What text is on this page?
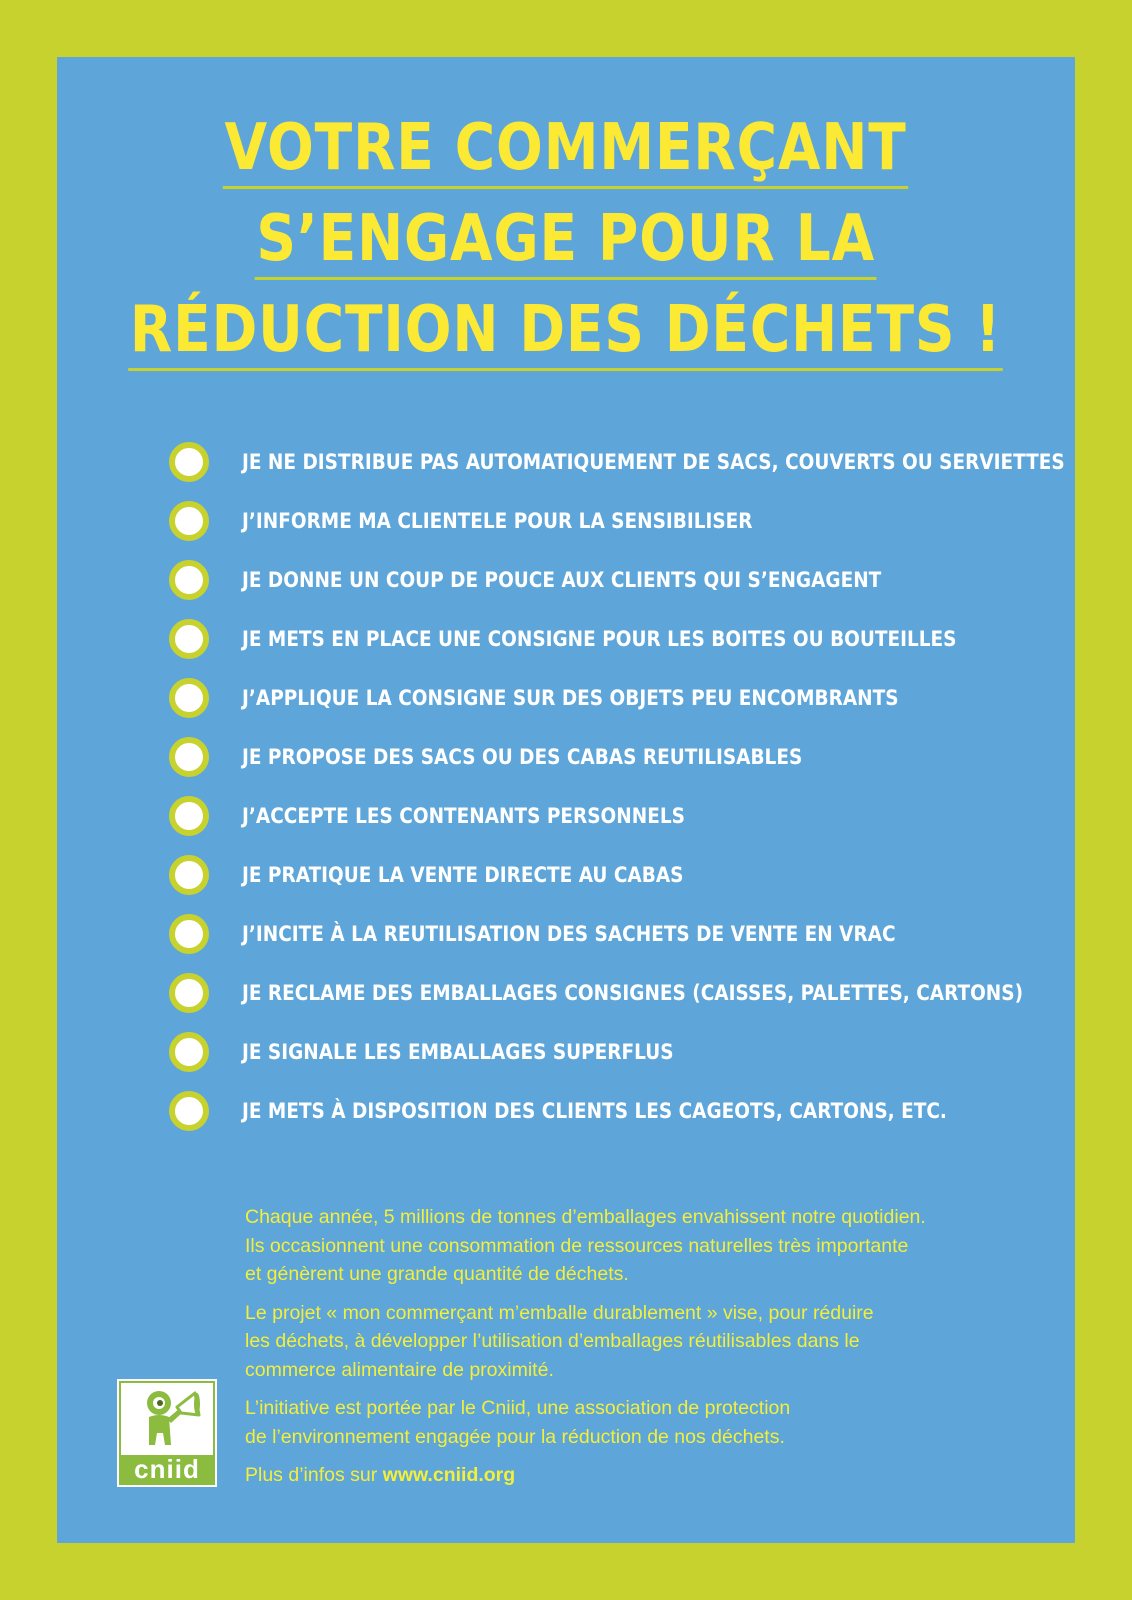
VOTRE COMMERÇANT
S’ENGAGE POUR LA
RÉDUCTION DES DÉCHETS !
JE NE DISTRIBUE PAS AUTOMATIQUEMENT DE SACS, COUVERTS OU SERVIETTES
J’INFORME MA CLIENTELE POUR LA SENSIBILISER
JE DONNE UN COUP DE POUCE AUX CLIENTS QUI S’ENGAGENT
JE METS EN PLACE UNE CONSIGNE POUR LES BOITES OU BOUTEILLES
J’APPLIQUE LA CONSIGNE SUR DES OBJETS PEU ENCOMBRANTS
JE PROPOSE DES SACS OU DES CABAS REUTILISABLES
J’ACCEPTE LES CONTENANTS PERSONNELS
JE PRATIQUE LA VENTE DIRECTE AU CABAS
J’INCITE À LA REUTILISATION DES SACHETS DE VENTE EN VRAC
JE RECLAME DES EMBALLAGES CONSIGNES (CAISSES, PALETTES, CARTONS)
JE SIGNALE LES EMBALLAGES SUPERFLUS
JE METS À DISPOSITION DES CLIENTS LES CAGEOTS, CARTONS, ETC.

Chaque année, 5 millions de tonnes d’emballages envahissent notre quotidien.
Ils occasionnent une consommation de ressources naturelles très importante
et génèrent une grande quantité de déchets.

Le projet « mon commerçant m’emballe durablement » vise, pour réduire
les déchets, à développer l’utilisation d’emballages réutilisables dans le
commerce alimentaire de proximité.

L’initiative est portée par le Cniid, une association de protection
de l’environnement engagée pour la réduction de nos déchets.

Plus d’infos sur www.cniid.org

cniid
